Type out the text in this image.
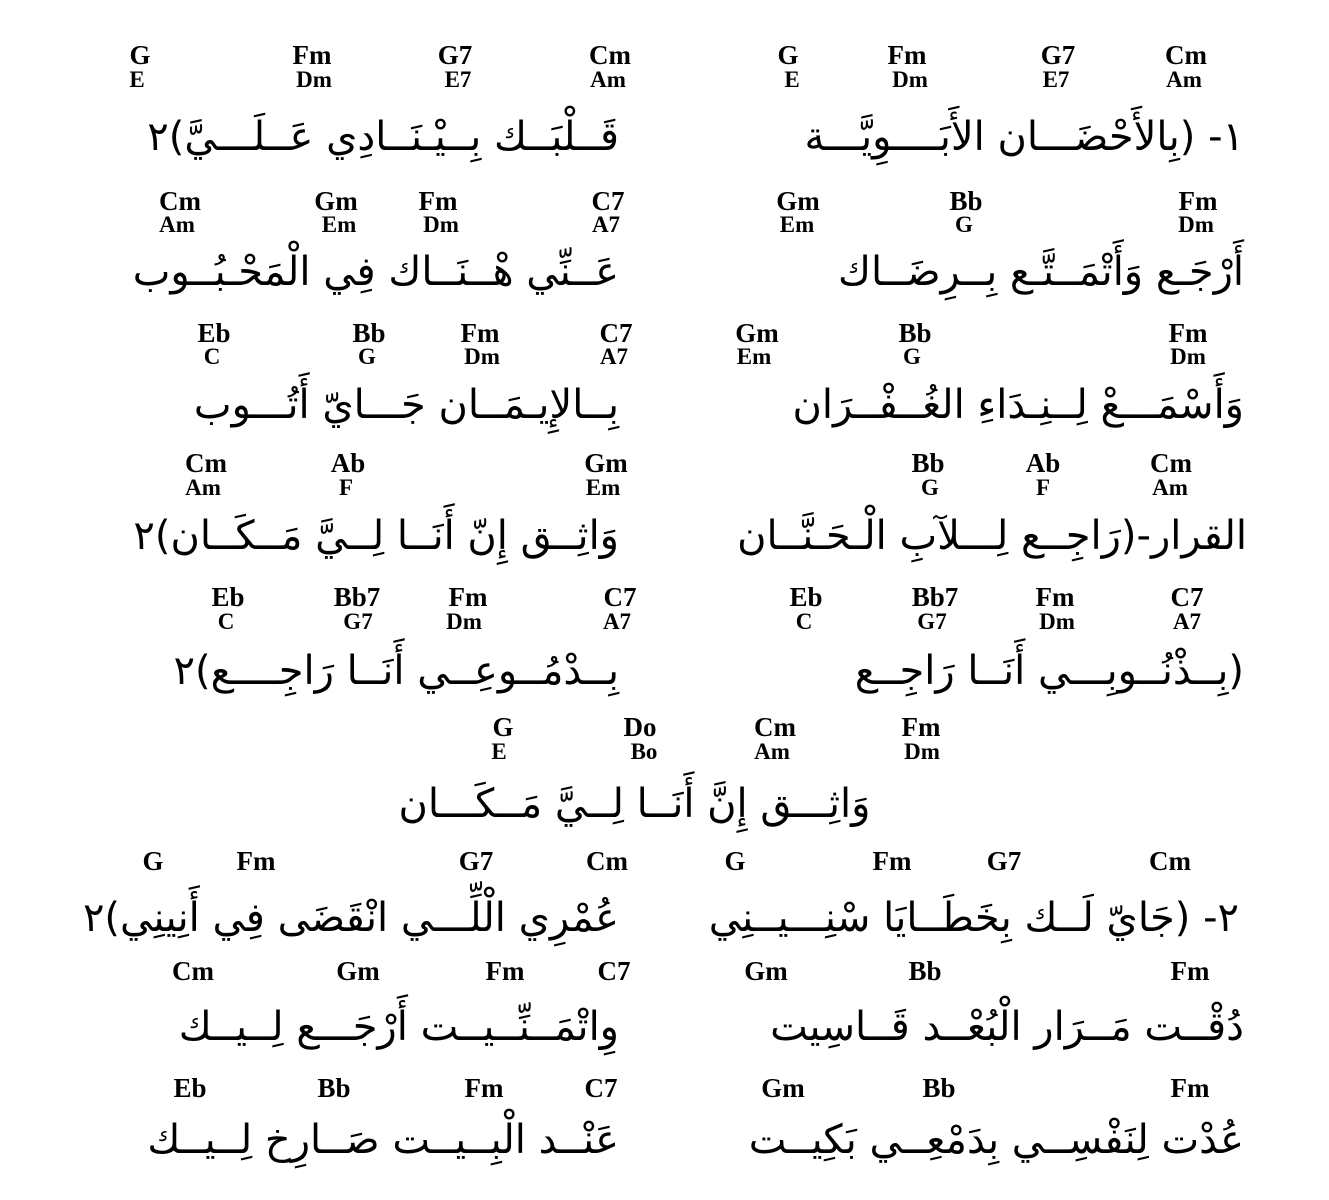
G
E
Fm
Dm
G7
E7
Cm
Am
G
E
Fm
Dm
G7
E7
Cm
Am
١- (بِالأَحْضَـــان الأَبَــــوِيَّـــة
قَــلْبَــك بِــيْـنَــادِي عَــلَـــيَّ)٢
Cm
Am
Gm
Em
Fm
Dm
C7
A7
Gm
Em
Bb
G
Fm
Dm
أَرْجَـع وَأَتْمَــتَّـع بِــرِضَــاك
عَــنِّي هْــنَــاك فِي الْمَحْـبُــوب
Eb
C
Bb
G
Fm
Dm
C7
A7
Gm
Em
Bb
G
Fm
Dm
وَأَسْمَـــعْ لِــنِـدَاءِ الغُــفْــرَان
بِــالإِيـمَــان جَـــايّ أَتُـــوب
Cm
Am
Ab
F
Gm
Em
Bb
G
Ab
F
Cm
Am
القرار-(رَاجِــع لِـــلآبِ الْـحَـنَّــان
وَاثِــق إِنّ أَنَــا لِــيَّ مَــكَــان)٢
Eb
C
Bb7
G7
Fm
Dm
C7
A7
Eb
C
Bb7
G7
Fm
Dm
C7
A7
(بِــذْنُــوبِـــي أَنَــا رَاجِــع
بِــدْمُــوعِــي أَنَــا رَاجِــــع)٢
G
E
Do
Bo
Cm
Am
Fm
Dm
وَاثِـــق إِنَّ أَنَــا لِــيَّ مَــكَـــان
G	Fm	G7	Cm	G	Fm	G7	Cm
٢- (جَايّ لَــك بِخَطَــايَا سْنِـــيــنِي
عُمْرِي الْلِّـــي انْقَضَى فِي أَنِينِي)٢
Cm	Gm	Fm	C7	Gm	Bb	Fm
دُقْــت مَــرَار الْبُعْــد قَــاسِيت
وِاتْمَــنِّــيــت أَرْجَـــع لِــيــك
Eb	Bb	Fm	C7	Gm	Bb	Fm
عُدْت لِنَفْسِــي بِدَمْعِــي بَكِيــت
عَنْــد الْبِــيــت صَــارِخ لِــيــك
